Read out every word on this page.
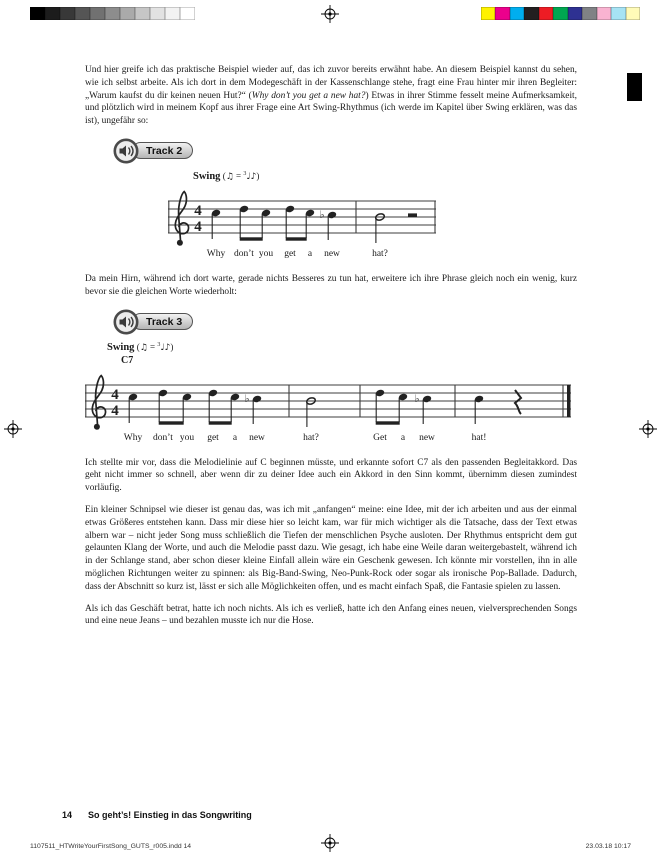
Und hier greife ich das praktische Beispiel wieder auf, das ich zuvor bereits erwähnt habe. An diesem Beispiel kannst du sehen, wie ich selbst arbeite. Als ich dort in dem Modegeschäft in der Kassenschlange stehe, fragt eine Frau hinter mir ihren Begleiter: „Warum kaufst du dir keinen neuen Hut?“ (Why don’t you get a new hat?) Etwas in ihrer Stimme fesselt meine Aufmerksamkeit, und plötzlich wird in meinem Kopf aus ihrer Frage eine Art Swing-Rhythmus (ich werde im Kapitel über Swing erklären, was das ist), ungefähr so:

Track 2
Swing (♫ = $^3$♩♪)
4
4
♭
Why don’t you get a new	hat?

Da mein Hirn, während ich dort warte, gerade nichts Besseres zu tun hat, erweitere ich ihre Phrase gleich noch ein wenig, kurz bevor sie die gleichen Worte wiederholt:

Track 3
Swing (♫ = $^3$♩♪)
C7
4
4
♭	♭
Why don’t you get a new	hat?	Get a new	hat!

Ich stellte mir vor, dass die Melodielinie auf C beginnen müsste, und erkannte sofort C7 als den passenden Begleitakkord. Das geht nicht immer so schnell, aber wenn dir zu deiner Idee auch ein Akkord in den Sinn kommt, übernimm diesen zumindest vorläufig.

Ein kleiner Schnipsel wie dieser ist genau das, was ich mit „anfangen“ meine: eine Idee, mit der ich arbeiten und aus der einmal etwas Größeres entstehen kann. Dass mir diese hier so leicht kam, war für mich wichtiger als die Tatsache, dass der Text etwas albern war – nicht jeder Song muss schließlich die Tiefen der menschlichen Psyche ausloten. Der Rhythmus entspricht dem gut gelaunten Klang der Worte, und auch die Melodie passt dazu. Wie gesagt, ich habe eine Weile daran weitergebastelt, während ich in der Schlange stand, aber schon dieser kleine Einfall allein wäre ein Geschenk gewesen. Ich könnte mir vorstellen, ihn in alle möglichen Richtungen weiter zu spinnen: als Big-Band-Swing, Neo-Punk-Rock oder sogar als ironische Pop-Ballade. Dadurch, dass der Abschnitt so kurz ist, lässt er sich alle Möglichkeiten offen, und es macht einfach Spaß, die Fantasie spielen zu lassen.

Als ich das Geschäft betrat, hatte ich noch nichts. Als ich es verließ, hatte ich den Anfang eines neuen, vielversprechenden Songs und eine neue Jeans – und bezahlen musste ich nur die Hose.

14 So geht’s! Einstieg in das Songwriting
1107511_HTWriteYourFirstSong_GUTS_r005.indd 14	23.03.18 10:17
